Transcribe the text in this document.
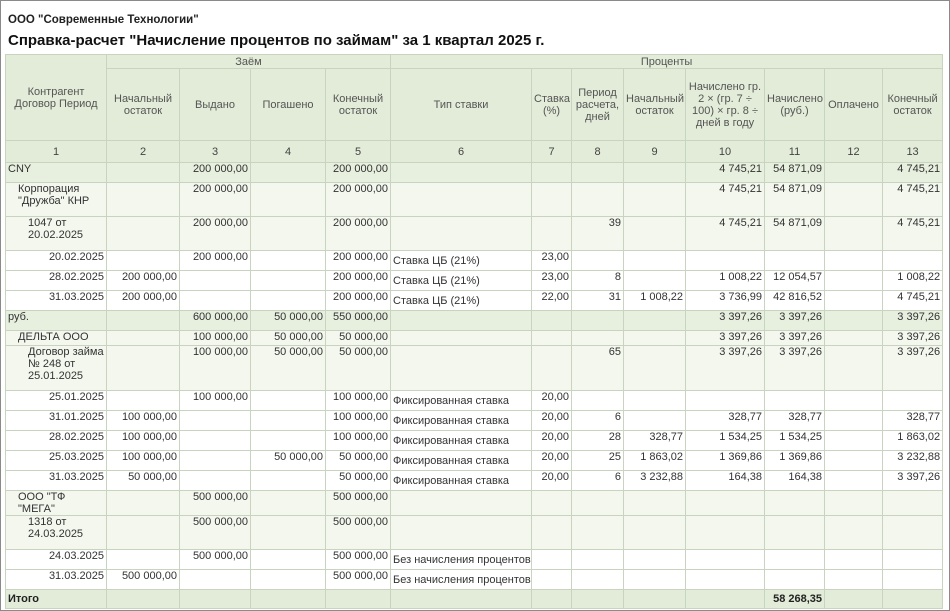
ООО "Современные Технологии"
Справка-расчет "Начисление процентов по займам" за 1 квартал 2025 г.
Контрагент Договор Период	Заём				Проценты							
	Начальный остаток	Выдано	Погашено	Конечный остаток	Тип ставки	Ставка (%)	Период расчета, дней	Начальный остаток	Начислено гр. 2 × (гр. 7 ÷ 100) × гр. 8 ÷ дней в году	Начислено (руб.)	Оплачено	Конечный остаток
1	2	3	4	5	6	7	8	9	10	11	12	13
CNY		200 000,00		200 000,00					4 745,21	54 871,09		4 745,21
Корпорация "Дружба" КНР		200 000,00		200 000,00					4 745,21	54 871,09		4 745,21
1047 от 20.02.2025		200 000,00		200 000,00			39		4 745,21	54 871,09		4 745,21
20.02.2025		200 000,00		200 000,00	Ставка ЦБ (21%)	23,00						
28.02.2025	200 000,00			200 000,00	Ставка ЦБ (21%)	23,00	8		1 008,22	12 054,57		1 008,22
31.03.2025	200 000,00			200 000,00	Ставка ЦБ (21%)	22,00	31	1 008,22	3 736,99	42 816,52		4 745,21
руб.		600 000,00	50 000,00	550 000,00					3 397,26	3 397,26		3 397,26
ДЕЛЬТА ООО		100 000,00	50 000,00	50 000,00					3 397,26	3 397,26		3 397,26
Договор займа № 248 от 25.01.2025		100 000,00	50 000,00	50 000,00			65		3 397,26	3 397,26		3 397,26
25.01.2025		100 000,00		100 000,00	Фиксированная ставка	20,00						
31.01.2025	100 000,00			100 000,00	Фиксированная ставка	20,00	6		328,77	328,77		328,77
28.02.2025	100 000,00			100 000,00	Фиксированная ставка	20,00	28	328,77	1 534,25	1 534,25		1 863,02
25.03.2025	100 000,00		50 000,00	50 000,00	Фиксированная ставка	20,00	25	1 863,02	1 369,86	1 369,86		3 232,88
31.03.2025	50 000,00			50 000,00	Фиксированная ставка	20,00	6	3 232,88	164,38	164,38		3 397,26
ООО "ТФ "МЕГА"		500 000,00		500 000,00								
1318 от 24.03.2025		500 000,00		500 000,00								
24.03.2025		500 000,00		500 000,00	Без начисления процентов							
31.03.2025	500 000,00			500 000,00	Без начисления процентов							
Итого										58 268,35		
